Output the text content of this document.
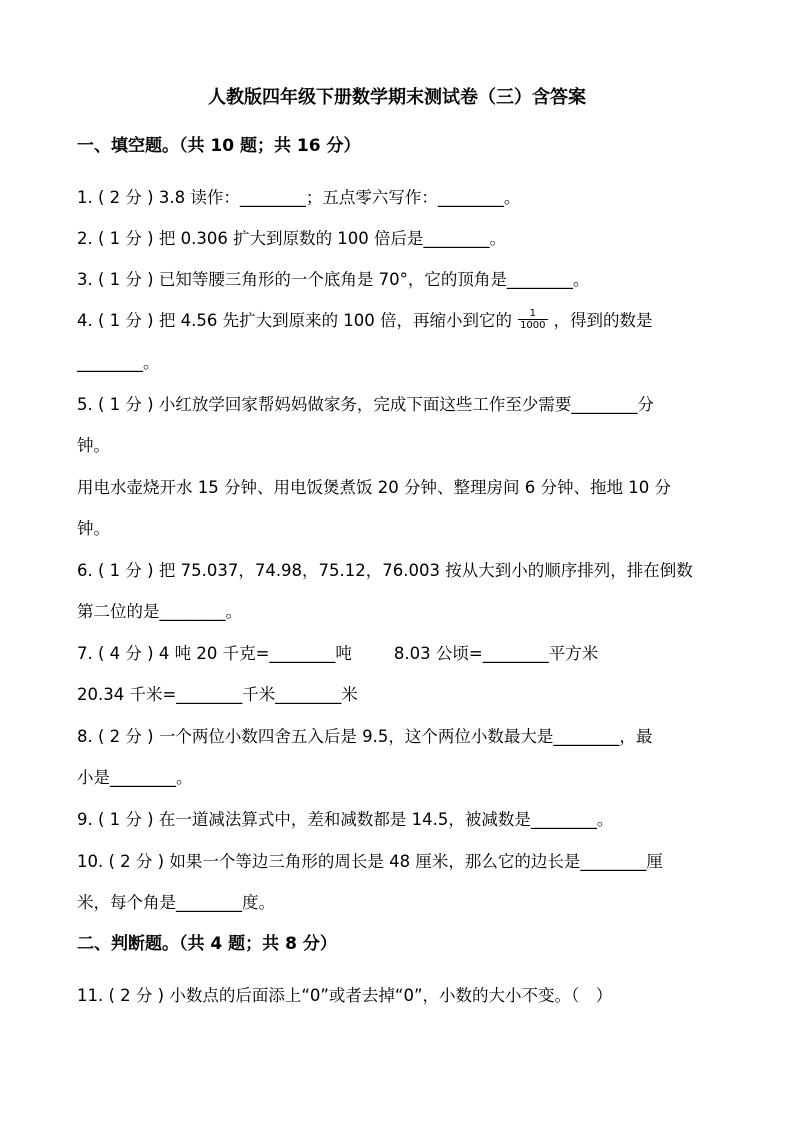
人教版四年级下册数学期末测试卷（三）含答案
一、填空题。（共 10 题；共 16 分）
1. ( 2 分 ) 3.8 读作：________；五点零六写作：________。
2. ( 1 分 ) 把 0.306 扩大到原数的 100 倍后是________。
3. ( 1 分 ) 已知等腰三角形的一个底角是 70°，它的顶角是________。
4. ( 1 分 ) 把 4.56 先扩大到原来的 100 倍，再缩小到它的 $\frac{1}{1000}$ ，得到的数是
________。
5. ( 1 分 ) 小红放学回家帮妈妈做家务，完成下面这些工作至少需要________分
钟。
用电水壶烧开水 15 分钟、用电饭煲煮饭 20 分钟、整理房间 6 分钟、拖地 10 分
钟。
6. ( 1 分 ) 把 75.037，74.98，75.12，76.003 按从大到小的顺序排列，排在倒数
第二位的是________。
7. ( 4 分 ) 4 吨 20 千克=________吨	8.03 公顷=________平方米
20.34 千米=________千米________米
8. ( 2 分 ) 一个两位小数四舍五入后是 9.5，这个两位小数最大是________，最
小是________。
9. ( 1 分 ) 在一道减法算式中，差和减数都是 14.5，被减数是________。
10. ( 2 分 ) 如果一个等边三角形的周长是 48 厘米，那么它的边长是________厘
米，每个角是________度。
二、判断题。（共 4 题；共 8 分）
11. ( 2 分 ) 小数点的后面添上“0”或者去掉“0”，小数的大小不变。（　）
